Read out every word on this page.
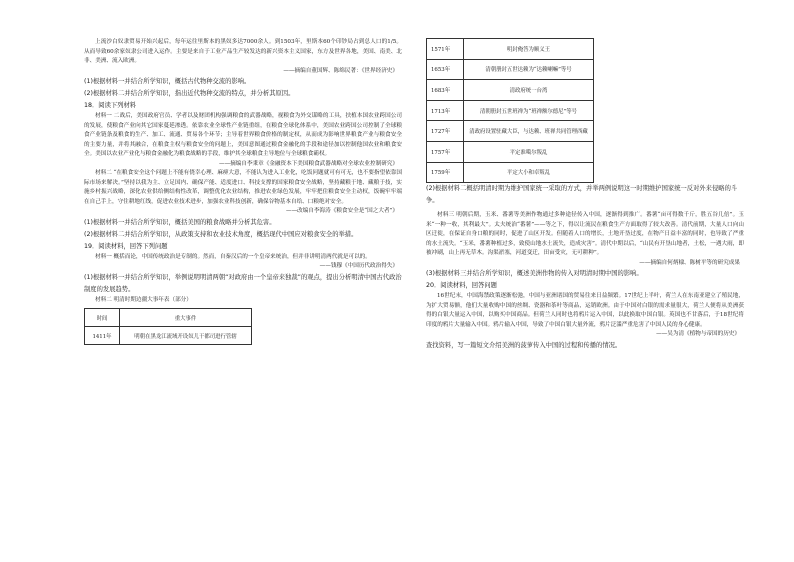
上流沙白奴隶贸易开始兴起后，每年运往里斯本的黑奴多达7000余人。到1503年，里斯本60个印钞局占到总人口的1/5。从而导致60余家奴隶公司进入运作。主要是来自于工业产品生产较发达的新兴资本主义国家，东方及世界各地，美国、南美、北非、美洲、流入欧洲。

——摘编自董国辉、陈绵民著：《世界经济史》

(1)根据材料一并结合所学知识，概括古代物种交流的影响。

(2)根据材料二并结合所学知识，指出近代物种交流的特点，并分析其原因。

18．阅读下列材料

材料一 二战后，美国政府官员、学者以及财团机构强调粮食的武器战略，视粮食为外交谋略的工具，扶植本国农业跨国公司的发展，使粮食产业向其它国家蔓延渗透。依靠农业全球性产业链重组，在粮食全球化体系中，美国农业跨国公司控制了全球粮食产业链条及粮食的生产、加工、流通、贸易各个环节；主导着世界粮食价格的制定权，从而成为影响世界粮食产业与粮食安全的主要力量，并将其融合，在粮食主权与粮食安全的问题上，美国意图通过粮食金融化的手段和途径加以控制他国农业和粮食安全。美国以农业产业化与粮食金融化为粮食战略的手段，维护其全球粮食主导地位与全球粮食霸权。

——摘编自李秉章《金融资本下美国粮食武器战略对全球农业控制研究》

材料二 “在粮食安全这个问题上不能有侥幸心理、麻痹大意，不能认为进入工业化，吃饭问题就可有可无，也不要指望依靠国际市场来解决。”坚持以我为主、立足国内、确保产能、适度进口、科技支撑的国家粮食安全战略，坚持藏粮于地、藏粮于技，实施乡村振兴战略，深化农业供给侧结构性改革，调整优化农业结构，推进农业绿色发展，牢牢把住粮食安全主动权，饭碗牢牢端在自己手上，守住耕地红线，促进农业技术进步，加强农业科技创新，确保谷物基本自给、口粮绝对安全。

——改编自李海涛《粮食安全是“国之大者”》

(1)根据材料一并结合所学知识，概括美国的粮食战略并分析其危害。

(2)根据材料二并结合所学知识，从政策支持和农业技术角度，概括现代中国应对粮食安全的举措。

19．阅读材料，回答下列问题

材料一 概括而论，中国传统政治是专制的。然而，自秦汉后的一个皇帝来统治，但并非讲明清两代就是可以的。

——钱穆《中国历代政治得失》

(1)根据材料一并结合所学知识，举例说明明清两朝“对政府由一个皇帝来独裁”的观点，提出分析明清中国古代政治制度的发展趋势。

材料二 明清时期边疆大事年表（部分）

时间	重大事件
1411年	明朝在黑龙江流域开设奴儿干都司进行管辖
1571年	明封俺答为顺义王
1653年	清朝册封五世达赖为“达赖喇嘛”等号
1683年	清政府统一台湾
1713年	清朝册封五世班禅为“班禅额尔德尼”等号
1727年	清政府设置驻藏大臣，与达赖、班禅共同管理西藏
1757年	平定准噶尔叛乱
1759年	平定大小和卓叛乱

(2)根据材料二概括明清时期为维护国家统一采取的方式，并举两例说明这一时期维护国家统一反对外来侵略的斗争。

材料三 明朝后期，玉米、番薯等美洲作物通过多种途径传入中国，逐渐得到推广。番薯“亩可得数千斤，胜五谷几倍”。玉米“一种一收，其利最大”。太夫统治“番薯”——等之下，得以让流民在粮食生产方面取得了较大改善。清代前期，大量人口向山区迁徙，在保证自身口粮的同时，促进了山区开发。但随着人口的增长，土地开垦过度，在物产日益丰富的同时，也导致了严重的水土流失。“玉米，番薯种植过多，致使山地水土流失，造成灾害”。清代中期以后，“山民有开垦山地者，土松，一遇大雨，即被冲刷，山上再无草木。沟渠淤塞，河道变迁，田亩受灾，无可耕种”。

——摘编自何炳棣、陈树平等的研究成果

(3)根据材料三并结合所学知识，概述美洲作物的传入对明清时期中国的影响。

20．阅读材料，回答问题

16世纪末，中国海禁政策逐渐松弛，中国与亚洲诸国的贸易往来日益频繁。17世纪上半叶，荷兰人在东南亚建立了殖民地，为扩大贸易额，他们大量收购中国的丝绸、瓷器和茶叶等商品，运销欧洲。由于中国对白银的需求量很大，荷兰人便将从美洲获得的白银大量运入中国，以购买中国商品。但荷兰人同时也将鸦片运入中国，以此换取中国白银。英国也不甘落后，于18世纪将印度的鸦片大量输入中国。鸦片输入中国，导致了中国白银大量外流，鸦片泛滥严重危害了中国人民的身心健康。

——吴为清《植物与帝国的历史》

查找资料，写一篇短文介绍美洲的菠萝传入中国的过程和传播的情况。
